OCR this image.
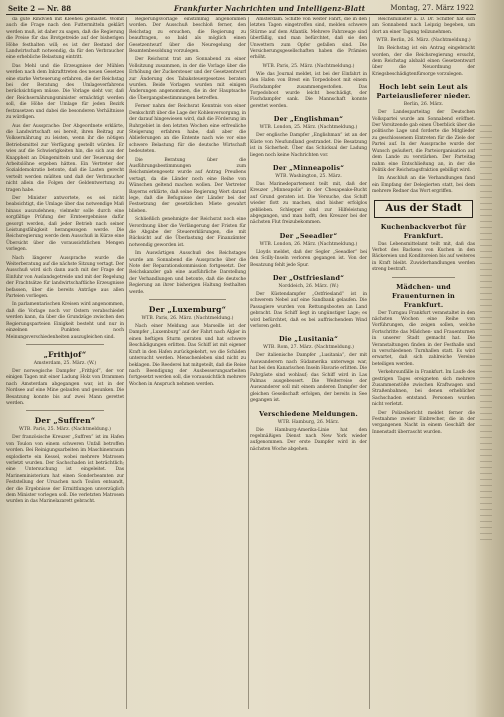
Seite 2 — Nr. 88	Frankfurter Nachrichten und Intelligenz-Blatt	Montag, 27. März 1922

da gute Rindvieh mit Kleeheu gemästet. Womit auch die Frage nach den Futtermitteln geklärt werden muß, ist daher zu sagen, daß die Regierung die Preise für das Brotgetreide auf der bisherigen Höhe festhalten will; es ist der Bestand der Landwirtschaft notwendig, da für den Verbraucher eine erhebliche Belastung eintritt.

Das Mehl und die Erzeugnisse der Mühlen werden nach dem Inkrafttreten des neuen Gesetzes eine starke Verteuerung erfahren, die der Reichstag bei der Beratung des Umlageverfahrens berücksichtigen müsse. Die Vorlage sieht vor, daß der Reichsernährungsminister ermächtigt werden soll, die Höhe der Umlage für jeden Bezirk festzusetzen und dabei die besonderen Verhältnisse zu würdigen.

Aus der Aussprache: Der Abgeordnete erklärte, die Landwirtschaft sei bereit, ihren Beitrag zur Volksernährung zu leisten, wenn ihr die nötigen Betriebsmittel zur Verfügung gestellt würden. Er wies auf die Schwierigkeiten hin, die sich aus der Knappheit an Düngemitteln und der Teuerung der Arbeitslöhne ergeben hätten. Ein Vertreter der Sozialdemokratie betonte, daß die Lasten gerecht verteilt werden müßten und daß der Verbraucher nicht allein die Folgen der Geldentwertung zu tragen habe.

Der Minister antwortete, es sei nicht beabsichtigt, die Umlage über das notwendige Maß hinaus auszudehnen; vielmehr solle durch eine sorgfältige Prüfung der Ernteergebnisse dafür gesorgt werden, daß jeder Betrieb nach seiner Leistungsfähigkeit herangezogen werde. Die Reichsregierung werde dem Ausschuß in Kürze eine Übersicht über die voraussichtlichen Mengen vorlegen.

Nach längerer Aussprache wurde die Weiterberatung auf die nächste Sitzung vertagt. Der Ausschuß wird sich dann auch mit der Frage der Einfuhr von Auslandsgetreide und mit der Regelung der Frachtsätze für landwirtschaftliche Erzeugnisse befassen, über die bereits Anträge aus allen Parteien vorliegen.

In parlamentarischen Kreisen wird angenommen, daß die Vorlage noch vor Ostern verabschiedet werden kann, da über die Grundzüge zwischen den Regierungsparteien Einigkeit besteht und nur in einzelnen Punkten noch Meinungsverschiedenheiten auszugleichen sind.

„Frithjof“
Amsterdam, 25. März. (W.)

Der norwegische Dampfer „Frithjof“, der vor einigen Tagen mit einer Ladung Holz von Drammen nach Amsterdam abgegangen war, ist in der Nordsee auf eine Mine gelaufen und gesunken. Die Besatzung konnte bis auf zwei Mann gerettet werden.

Der „Suffren“
WTB. Paris, 25. März. (Nachtmeldung.)

Der französische Kreuzer „Suffren“ ist im Hafen von Toulon von einem schweren Unfall betroffen worden. Bei Reinigungsarbeiten im Maschinenraum explodierte ein Kessel, wobei mehrere Matrosen verletzt wurden. Der Sachschaden ist beträchtlich; eine Untersuchung ist eingeleitet. Das Marineministerium hat einen Sonderbeamten zur Feststellung der Ursachen nach Toulon entsandt, der die Ergebnisse der Ermittlungen unverzüglich dem Minister vorlegen soll. Die verletzten Matrosen wurden in das Marinelazarett gebracht.

Regierungsvorlage einstimmig angenommen worden. Der Ausschuß beschloß ferner, den Reichstag zu ersuchen, die Regierung zu beauftragen, so bald als möglich einen Gesetzentwurf über die Neuregelung der Beamtenbesoldung vorzulegen.

Der Reichsrat trat am Sonnabend zu einer Vollsitzung zusammen, in der die Vorlage über die Erhöhung der Zuckersteuer und der Gesetzentwurf zur Änderung des Tabaksteuergesetzes beraten wurden. Beide Vorlagen wurden mit einigen Änderungen angenommen, die in der Hauptsache die Übergangsbestimmungen betreffen.

Ferner nahm der Reichsrat Kenntnis von einer Denkschrift über die Lage der Kohlenversorgung, in der darauf hingewiesen wird, daß die Förderung im Ruhrgebiet in den letzten Wochen eine erfreuliche Steigerung erfahren habe, daß aber die Ablieferungen an die Entente nach wie vor eine schwere Belastung für die deutsche Wirtschaft bedeuteten.

Die Beratung über die Ausführungsbestimmungen zum Reichsmietengesetz wurde auf Antrag Preußens vertagt, da die Länder noch eine Reihe von Wünschen geltend machen wollen. Der Vertreter Bayerns erklärte, daß seine Regierung Wert darauf lege, daß die Befugnisse der Länder bei der Festsetzung der gesetzlichen Miete gewahrt blieben.

Schließlich genehmigte der Reichsrat noch eine Verordnung über die Verlängerung der Fristen für die Abgabe der Steuererklärungen, die mit Rücksicht auf die Überlastung der Finanzämter notwendig geworden ist.

Im Auswärtigen Ausschuß des Reichstages wurde am Sonnabend die Aussprache über die Note der Reparationskommission fortgesetzt. Der Reichskanzler gab eine ausführliche Darstellung der Verhandlungen und betonte, daß die deutsche Regierung an ihrer bisherigen Haltung festhalten werde.

Der „Luxemburg“
WTB. Paris, 26. März. (Nachtmeldung.)

Nach einer Meldung aus Marseille ist der Dampfer „Luxemburg“ auf der Fahrt nach Algier in einen heftigen Sturm geraten und hat schwere Beschädigungen erlitten. Das Schiff ist mit eigener Kraft in den Hafen zurückgekehrt, wo die Schäden untersucht werden. Menschenleben sind nicht zu beklagen. Die Reederei hat mitgeteilt, daß die Reise nach Beendigung der Ausbesserungsarbeiten fortgesetzt werden soll, die voraussichtlich mehrere Wochen in Anspruch nehmen werden.

Amsterdam. Schiffe von weiter Fahrt, die in den letzten Tagen eingetroffen sind, melden schwere Stürme auf dem Atlantik. Mehrere Fahrzeuge sind überfällig, und man befürchtet, daß sie den Unwettern zum Opfer gefallen sind. Die Versicherungsgesellschaften haben die Prämien erhöht.

WTB. Paris, 25. März. (Nachtmeldung.)

Wie das Journal meldet, ist bei der Einfahrt in den Hafen von Brest ein Torpedoboot mit einem Fischdampfer zusammengestoßen. Das Torpedoboot wurde leicht beschädigt, der Fischdampfer sank. Die Mannschaft konnte gerettet werden.

Der „Englishman“
WTB. London, 25. März. (Nachtmeldung.)

Der englische Dampfer „Englishman“ ist an der Küste von Neufundland gestrandet. Die Besatzung ist in Sicherheit. Über das Schicksal der Ladung liegen noch keine Nachrichten vor.

Der „Minneapolis“
WTB. Washington, 25. März.

Das Marinedepartement teilt mit, daß der Kreuzer „Minneapolis“ in der Chesapeake-Bucht auf Grund geraten ist. Die Versuche, das Schiff wieder flott zu machen, sind bisher erfolglos geblieben. Schlepper sind zur Hilfeleistung abgegangen, und man hofft, den Kreuzer bei der nächsten Flut freizubekommen.

Der „Seeadler“
WTB. London, 26. März. (Nachtmeldung.)

Lloyds meldet, daß der Segler „Seeadler“ bei den Scilly-Inseln verloren gegangen ist. Von der Besatzung fehlt jede Spur.

Der „Ostfriesland“
Norddeich, 26. März. (W.)

Der Küstendampfer „Ostfriesland“ ist in schwerem Nebel auf eine Sandbank gelaufen. Die Passagiere wurden von Rettungsbooten an Land gebracht. Das Schiff liegt in ungünstiger Lage; es wird befürchtet, daß es bei auffrischendem Wind verloren geht.

Die „Lusitania“
WTB. Rom, 27. März. (Nachtmeldung.)

Der italienische Dampfer „Lusitania“, der mit Auswanderern nach Südamerika unterwegs war, hat bei den Kanarischen Inseln Havarie erlitten. Die Fahrgäste sind wohlauf; das Schiff wird in Las Palmas ausgebessert. Die Weiterreise der Auswanderer soll mit einem anderen Dampfer der gleichen Gesellschaft erfolgen, der bereits in See gegangen ist.

Verschiedene Meldungen.
WTB. Hamburg, 26. März.

Die Hamburg-Amerika-Linie hat den regelmäßigen Dienst nach New York wieder aufgenommen. Der erste Dampfer wird in der nächsten Woche abgehen.

Reichsminister a. D. Dr. Schiffer hat sich am Sonnabend nach Leipzig begeben, um dort an einer Tagung teilzunehmen.

WTB. Berlin, 26. März. (Nachtmeldung.)

Im Reichstag ist ein Antrag eingebracht worden, der die Reichsregierung ersucht, dem Reichstag alsbald einen Gesetzentwurf über die Neuordnung der Kriegsbeschädigtenfürsorge vorzulegen.

Hoch lebt sein Leut als Parteiauslieferer nieder.
Berlin, 26. März.

Der Landesparteitag der Deutschen Volkspartei wurde am Sonnabend eröffnet. Der Vorsitzende gab einen Überblick über die politische Lage und forderte die Mitglieder zu geschlossenem Eintreten für die Ziele der Partei auf. In der Aussprache wurde der Wunsch geäußert, die Parteiorganisation auf dem Lande zu verstärken. Der Parteitag nahm eine Entschließung an, in der die Politik der Reichstagsfraktion gebilligt wird.

Im Anschluß an die Verhandlungen fand ein Empfang der Delegierten statt, bei dem mehrere Redner das Wort ergriffen.

Aus der Stadt
Kuchenbackverbot für Frankfurt.

Das Lebensmittelamt teilt mit, daß das Verbot des Backens von Kuchen in den Bäckereien und Konditoreien bis auf weiteres in Kraft bleibt. Zuwiderhandlungen werden streng bestraft.

Mädchen- und Frauenturnen in Frankfurt.

Der Turngau Frankfurt veranstaltet in den nächsten Wochen eine Reihe von Vorführungen, die zeigen sollen, welche Fortschritte das Mädchen- und Frauenturnen in unserer Stadt gemacht hat. Die Veranstaltungen finden in der Festhalle und in verschiedenen Turnhallen statt. Es wird erwartet, daß sich zahlreiche Vereine beteiligen werden.

Verkehrsunfälle in Frankfurt. Im Laufe des gestrigen Tages ereigneten sich mehrere Zusammenstöße zwischen Kraftwagen und Straßenbahnen, bei denen erheblicher Sachschaden entstand. Personen wurden nicht verletzt.

Der Polizeibericht meldet ferner die Festnahme zweier Einbrecher, die in der vergangenen Nacht in einem Geschäft der Innenstadt überrascht wurden.
